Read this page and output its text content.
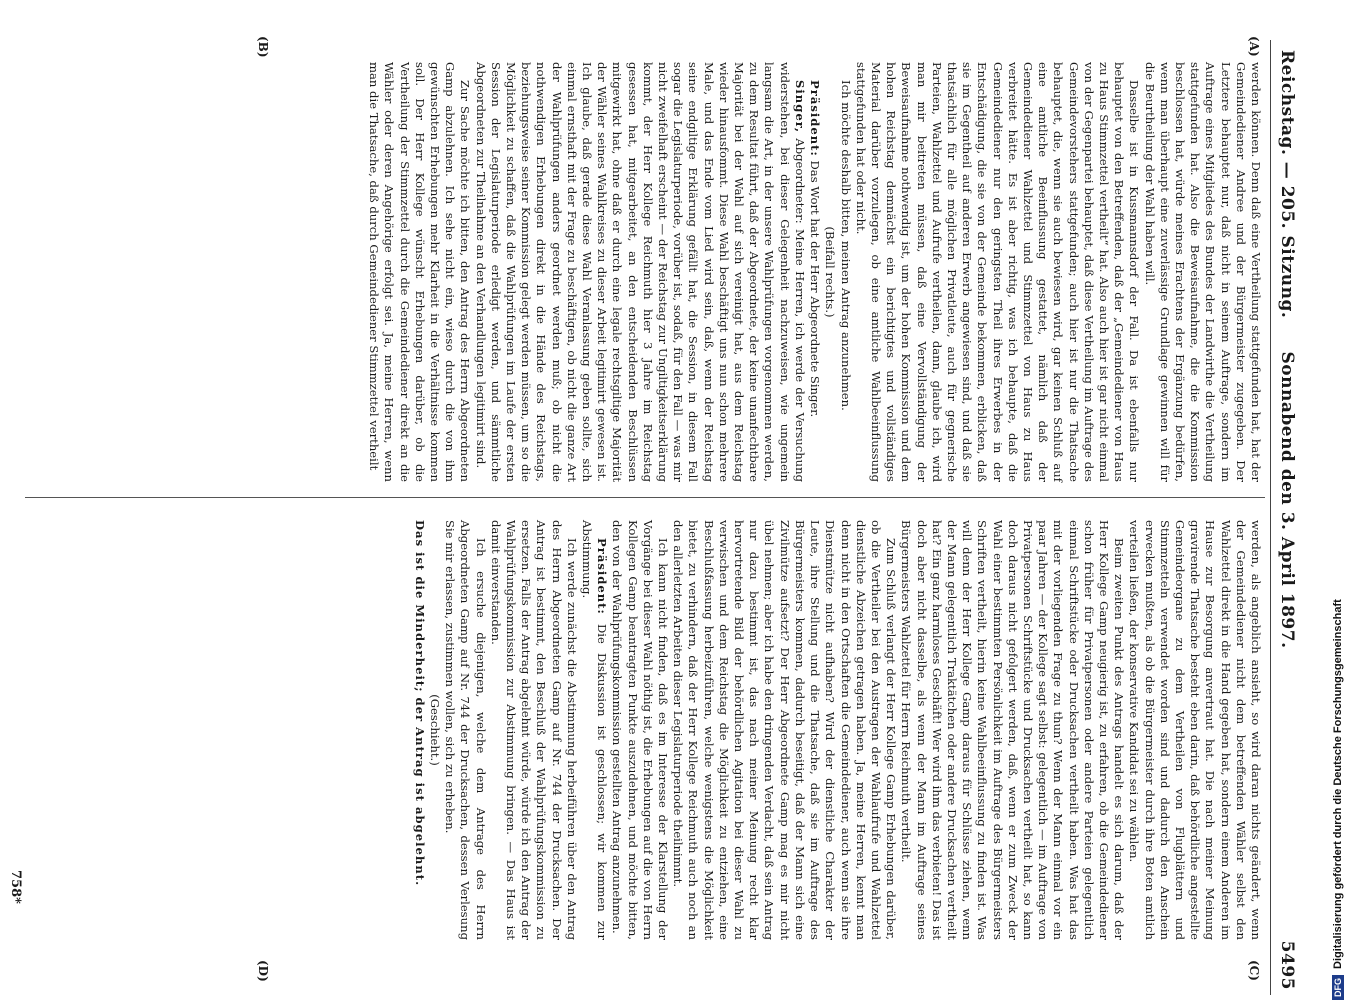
Reichstag. — 205. Sitzung.
Sonnabend den 3. April 1897.
5495
(A)
(B)
(C)
(D)

werden können. Denn daß eine Vertheilung stattgefunden hat, hat der Gemeindediener Andree und der Bürgermeister zugegeben. Der Letztere behauptet nur, daß nicht in seinem Auftrage, sondern im Auftrage eines Mitgliedes des Bundes der Landwirthe die Vertheilung stattgefunden hat. Also die Beweisaufnahme, die die Kommission beschlossen hat, würde meines Erachtens der Ergänzung bedürfen, wenn man überhaupt eine zuverlässige Grundlage gewinnen will für die Beurtheilung der Wahl haben will.

Dasselbe ist in Kussmannsdorf der Fall. Da ist ebenfalls nur behauptet von den Betreffenden, daß der „Gemeindediener von Haus zu Haus Stimmzettel vertheilt“ hat. Also auch hier ist gar nicht einmal von der Gegenpartei behauptet, daß diese Vertheilung im Auftrage des Gemeindevorstehers stattgefunden; auch hier ist nur die Thatsache behauptet, die, wenn sie auch bewiesen wird, gar keinen Schluß auf eine amtliche Beeinflussung gestattet, nämlich daß der Gemeindediener Wahlzettel und Stimmzettel von Haus zu Haus verbreitet hätte. Es ist aber richtig, was ich behaupte, daß die Gemeindediener nur den geringsten Theil ihres Erwerbes in der Entschädigung, die sie von der Gemeinde bekommen, erblicken, daß sie im Gegentheil auf anderen Erwerb angewiesen sind, und daß sie thatsächlich für alle möglichen Privatleute, auch für gegnerische Parteien, Wahlzettel und Aufrufe vertheilen, dann, glaube ich, wird man mir beitreten müssen, daß eine Vervollständigung der Beweisaufnahme nothwendig ist, um der hohen Kommission und dem hohen Reichstag demnächst ein berichtigtes und vollständiges Material darüber vorzulegen, ob eine amtliche Wahlbeeinflussung stattgefunden hat oder nicht.

Ich möchte deshalb bitten, meinen Antrag anzunehmen.

(Beifall rechts.)

Präsident: Das Wort hat der Herr Abgeordnete Singer.

Singer, Abgeordneter: Meine Herren, ich werde der Versuchung widerstehen, bei dieser Gelegenheit nachzuweisen, wie ungemein langsam die Art, in der unsere Wahlprüfungen vorgenommen werden, zu dem Resultat führt, daß der Abgeordnete, der keine unanfechtbare Majorität bei der Wahl auf sich vereinigt hat, aus dem Reichstag wieder hinausfommt. Diese Wahl beschäftigt uns nun schon mehrere Male, und das Ende vom Lied wird sein, daß, wenn der Reichstag seine endgiltige Erklärung gefällt hat, die Session, in diesem Fall sogar die Legislaturperiode, vorüber ist, sodaß, für den Fall — was mir nicht zweifelhaft erscheint — der Reichstag zur Ungiltigkeitserklärung kommt, der Herr Kollege Reichmuth hier 3 Jahre im Reichstag gesessen hat, mitgearbeitet, an den entscheidenden Beschlüssen mitgewirkt hat, ohne daß er durch eine legale rechtsgiltige Majorität der Wähler seines Wahlkreises zu dieser Arbeit legitimirt gewesen ist. Ich glaube, daß gerade diese Wahl Veranlassung geben sollte, sich einmal ernsthaft mit der Frage zu beschäftigen, ob nicht die ganze Art der Wahlprüfungen anders geordnet werden muß; ob nicht die nothwendigen Erhebungen direkt in die Hände des Reichstags, beziehungsweise seiner Kommission gelegt werden müssen, um so die Möglichkeit zu schaffen, daß die Wahlprüfungen im Laufe der ersten Session der Legislaturperiode erledigt werden, und sämmtliche Abgeordneten zur Theilnahme an den Verhandlungen legitimirt sind.

Zur Sache möchte ich bitten, den Antrag des Herrn Abgeordneten Gamp abzulehnen. Ich sehe nicht ein, wieso durch die von ihm gewünschten Erhebungen mehr Klarheit in die Verhältnisse kommen soll. Der Herr Kollege wünscht Erhebungen darüber, ob die Vertheilung der Stimmzettel durch die Gemeindediener direkt an die Wähler oder deren Angehörige erfolgt sei. Ja, meine Herren, wenn man die Thatsache, daß durch Gemeindediener Stimmzettel vertheilt

werden, als angeblich ansieht, so wird daran nichts geändert, wenn der Gemeindediener nicht dem betreffenden Wähler selbst den Wahlzettel direkt in die Hand gegeben hat, sondern einem Anderen im Hause zur Besorgung anvertraut hat. Die nach meiner Meinung gravirende Thatsache besteht eben darin, daß behördliche angestellte Gemeindeorgane zu dem Vertheilen von Flugblättern und Stimmzetteln verwendet worden sind und dadurch den Anschein erwecken mußten, als ob die Bürgermeister durch ihre Boten amtlich verteilen ließen, der konservative Kandidat sei zu wählen.

Beim zweiten Punkt des Antrags handelt es sich darum, daß der Herr Kollege Gamp neugierig ist, zu erfahren, ob die Gemeindediener schon früher für Privatpersonen oder andere Parteien gelegentlich einmal Schriftstücke oder Drucksachen vertheilt haben. Was hat das mit der vorliegenden Frage zu thun? Wenn der Mann einmal vor ein paar Jahren — der Kollege sagt selbst: gelegentlich — im Auftrage von Privatpersonen Schriftstücke und Drucksachen vertheilt hat, so kann doch daraus nicht gefolgert werden, daß, wenn er zum Zweck der Wahl einer bestimmten Persönlichkeit im Auftrage des Bürgermeisters Schriften vertheilt, hierin keine Wahlbeeinflussung zu finden ist. Was will denn der Herr Kollege Gamp daraus für Schlüsse ziehen, wenn der Mann gelegentlich Traktätchen oder andere Drucksachen vertheilt hat? Ein ganz harmloses Geschäft! Wer wird ihm das verbieten! Das ist doch aber nicht dasselbe, als wenn der Mann im Auftrage seines Bürgermeisters Wahlzettel für Herrn Reichmuth vertheilt.

Zum Schluß verlangt der Herr Kollege Gamp Erhebungen darüber, ob die Vertheiler bei den Austragen der Wahlaufrufe und Wahlzettel dienstliche Abzeichen getragen haben. Ja, meine Herren, kennt man denn nicht in den Ortschaften die Gemeindediener, auch wenn sie ihre Dienstmütze nicht aufhaben? Wird der dienstliche Charakter der Leute, ihre Stellung und die Thatsache, daß sie im Auftrage des Bürgermeisters kommen, dadurch beseitigt, daß der Mann sich eine Zivilmütze aufsetzt? Der Herr Abgeordnete Gamp mag es mir nicht übel nehmen; aber ich habe den dringenden Verdacht, daß sein Antrag nur dazu bestimmt ist, das nach meiner Meinung recht klar hervortretende Bild der behördlichen Agitation bei dieser Wahl zu verwischen und dem Reichstag die Möglichkeit zu entziehen, eine Beschlußfassung herbeizuführen, welche wenigstens die Möglichkeit bietet, zu verhindern, daß der Herr Kollege Reichmuth auch noch an den allerletzten Arbeiten dieser Legislaturperiode theilnimmt.

Ich kann nicht finden, daß es im Interesse der Klarstellung der Vorgänge bei dieser Wahl nöthig ist, die Erhebungen auf die von Herrn Kollegen Gamp beantragten Punkte auszudehnen, und möchte bitten, den von der Wahlprüfungskommission gestellten Antrag anzunehmen.

Präsident: Die Diskussion ist geschlossen; wir kommen zur Abstimmung.

Ich werde zunächst die Abstimmung herbeiführen über den Antrag des Herrn Abgeordneten Gamp auf Nr. 744 der Drucksachen. Der Antrag ist bestimmt, den Beschluß der Wahlprüfungskommission zu ersetzen. Falls der Antrag abgelehnt würde, würde ich den Antrag der Wahlprüfungskommission zur Abstimmung bringen. — Das Haus ist damit einverstanden.

Ich ersuche diejenigen, welche dem Antrage des Herrn Abgeordneten Gamp auf Nr. 744 der Drucksachen, dessen Verlesung Sie mir erlassen, zustimmen wollen, sich zu erheben.

(Geschieht.)

Das ist die Minderheit; der Antrag ist abgelehnt.

758*
DFG
Digitalisierung gefördert durch die Deutsche Forschungsgemeinschaft
